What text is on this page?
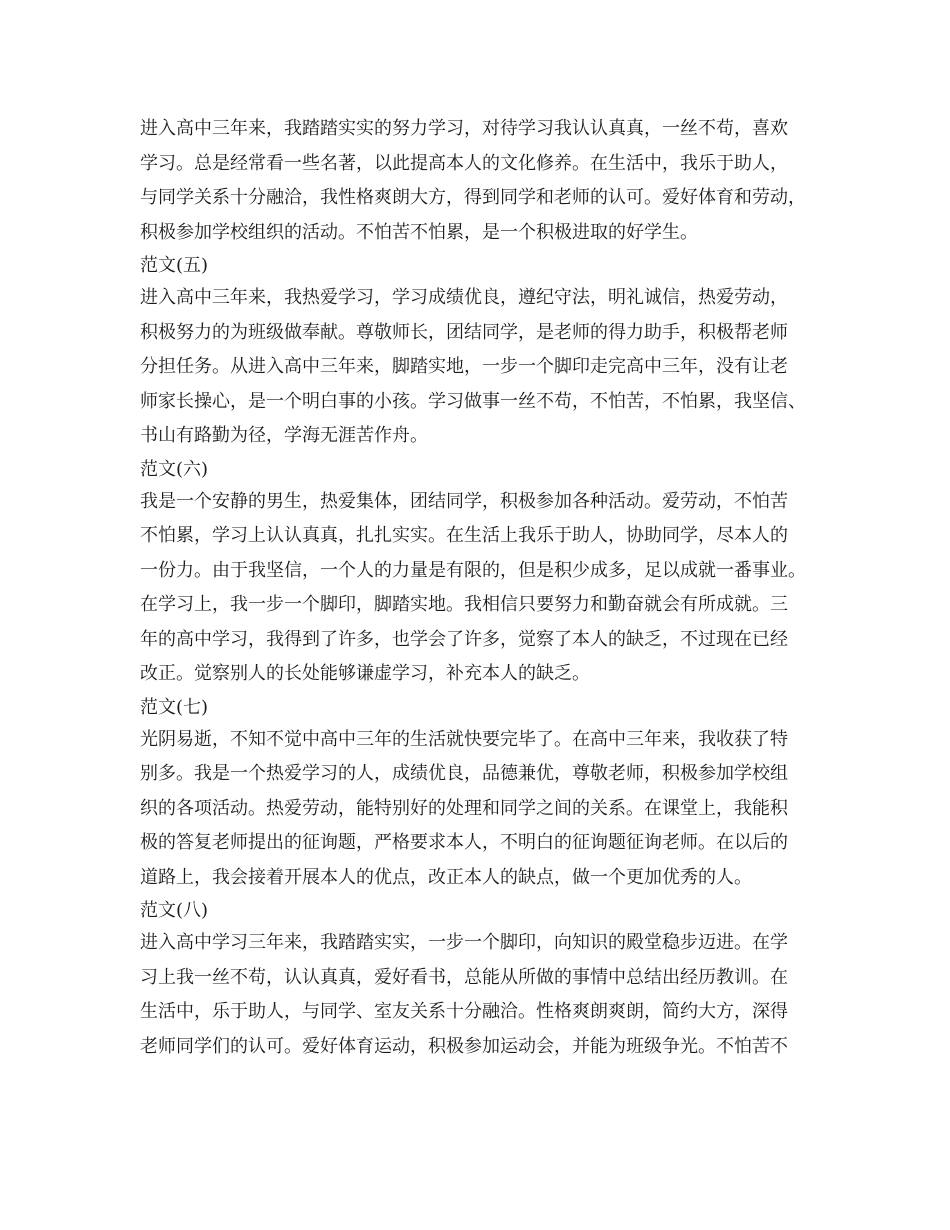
进入高中三年来，我踏踏实实的努力学习，对待学习我认认真真，一丝不苟，喜欢
学习。总是经常看一些名著，以此提高本人的文化修养。在生活中，我乐于助人，
与同学关系十分融洽，我性格爽朗大方，得到同学和老师的认可。爱好体育和劳动，
积极参加学校组织的活动。不怕苦不怕累，是一个积极进取的好学生。
范文(五)
进入高中三年来，我热爱学习，学习成绩优良，遵纪守法，明礼诚信，热爱劳动，
积极努力的为班级做奉献。尊敬师长，团结同学，是老师的得力助手，积极帮老师
分担任务。从进入高中三年来，脚踏实地，一步一个脚印走完高中三年，没有让老
师家长操心，是一个明白事的小孩。学习做事一丝不苟，不怕苦，不怕累，我坚信、
书山有路勤为径，学海无涯苦作舟。
范文(六)
我是一个安静的男生，热爱集体，团结同学，积极参加各种活动。爱劳动，不怕苦
不怕累，学习上认认真真，扎扎实实。在生活上我乐于助人，协助同学，尽本人的
一份力。由于我坚信，一个人的力量是有限的，但是积少成多，足以成就一番事业。
在学习上，我一步一个脚印，脚踏实地。我相信只要努力和勤奋就会有所成就。三
年的高中学习，我得到了许多，也学会了许多，觉察了本人的缺乏，不过现在已经
改正。觉察别人的长处能够谦虚学习，补充本人的缺乏。
范文(七)
光阴易逝，不知不觉中高中三年的生活就快要完毕了。在高中三年来，我收获了特
别多。我是一个热爱学习的人，成绩优良，品德兼优，尊敬老师，积极参加学校组
织的各项活动。热爱劳动，能特别好的处理和同学之间的关系。在课堂上，我能积
极的答复老师提出的征询题，严格要求本人，不明白的征询题征询老师。在以后的
道路上，我会接着开展本人的优点，改正本人的缺点，做一个更加优秀的人。
范文(八)
进入高中学习三年来，我踏踏实实，一步一个脚印，向知识的殿堂稳步迈进。在学
习上我一丝不苟，认认真真，爱好看书，总能从所做的事情中总结出经历教训。在
生活中，乐于助人，与同学、室友关系十分融洽。性格爽朗爽朗，简约大方，深得
老师同学们的认可。爱好体育运动，积极参加运动会，并能为班级争光。不怕苦不
